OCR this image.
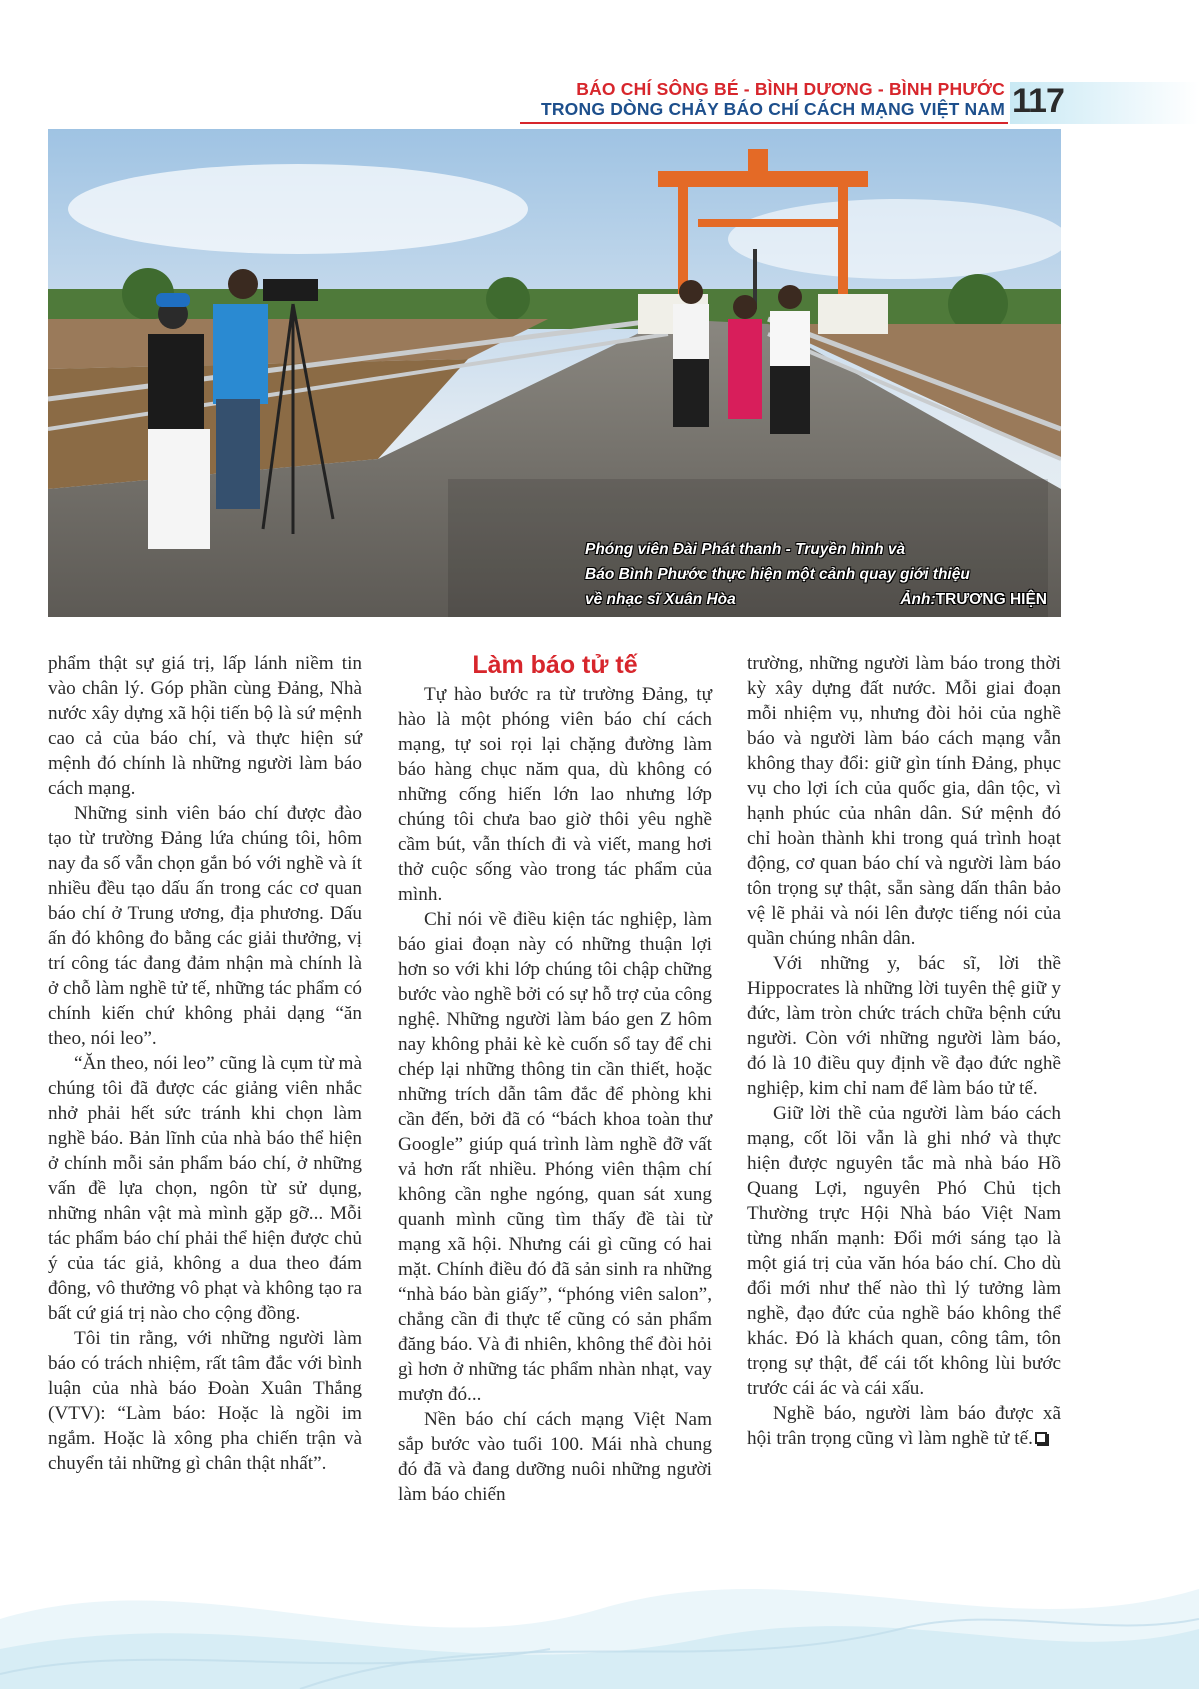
BÁO CHÍ SÔNG BÉ - BÌNH DƯƠNG - BÌNH PHƯỚC
TRONG DÒNG CHẢY BÁO CHÍ CÁCH MẠNG VIỆT NAM 117
Phóng viên Đài Phát thanh - Truyền hình và
Báo Bình Phước thực hiện một cảnh quay giới thiệu
về nhạc sĩ Xuân Hòa	Ảnh:TRƯƠNG HIỆN

phẩm thật sự giá trị, lấp lánh niềm tin vào chân lý. Góp phần cùng Đảng, Nhà nước xây dựng xã hội tiến bộ là sứ mệnh cao cả của báo chí, và thực hiện sứ mệnh đó chính là những người làm báo cách mạng.

Những sinh viên báo chí được đào tạo từ trường Đảng lứa chúng tôi, hôm nay đa số vẫn chọn gắn bó với nghề và ít nhiều đều tạo dấu ấn trong các cơ quan báo chí ở Trung ương, địa phương. Dấu ấn đó không đo bằng các giải thưởng, vị trí công tác đang đảm nhận mà chính là ở chỗ làm nghề tử tế, những tác phẩm có chính kiến chứ không phải dạng “ăn theo, nói leo”.

“Ăn theo, nói leo” cũng là cụm từ mà chúng tôi đã được các giảng viên nhắc nhở phải hết sức tránh khi chọn làm nghề báo. Bản lĩnh của nhà báo thể hiện ở chính mỗi sản phẩm báo chí, ở những vấn đề lựa chọn, ngôn từ sử dụng, những nhân vật mà mình gặp gỡ... Mỗi tác phẩm báo chí phải thể hiện được chủ ý của tác giả, không a dua theo đám đông, vô thưởng vô phạt và không tạo ra bất cứ giá trị nào cho cộng đồng.

Tôi tin rằng, với những người làm báo có trách nhiệm, rất tâm đắc với bình luận của nhà báo Đoàn Xuân Thắng (VTV): “Làm báo: Hoặc là ngồi im ngắm. Hoặc là xông pha chiến trận và chuyển tải những gì chân thật nhất”.

Làm báo tử tế

Tự hào bước ra từ trường Đảng, tự hào là một phóng viên báo chí cách mạng, tự soi rọi lại chặng đường làm báo hàng chục năm qua, dù không có những cống hiến lớn lao nhưng lớp chúng tôi chưa bao giờ thôi yêu nghề cầm bút, vẫn thích đi và viết, mang hơi thở cuộc sống vào trong tác phẩm của mình.

Chỉ nói về điều kiện tác nghiệp, làm báo giai đoạn này có những thuận lợi hơn so với khi lớp chúng tôi chập chững bước vào nghề bởi có sự hỗ trợ của công nghệ. Những người làm báo gen Z hôm nay không phải kè kè cuốn sổ tay để chi chép lại những thông tin cần thiết, hoặc những trích dẫn tâm đắc để phòng khi cần đến, bởi đã có “bách khoa toàn thư Google” giúp quá trình làm nghề đỡ vất vả hơn rất nhiều. Phóng viên thậm chí không cần nghe ngóng, quan sát xung quanh mình cũng tìm thấy đề tài từ mạng xã hội. Nhưng cái gì cũng có hai mặt. Chính điều đó đã sản sinh ra những “nhà báo bàn giấy”, “phóng viên salon”, chẳng cần đi thực tế cũng có sản phẩm đăng báo. Và đi nhiên, không thể đòi hỏi gì hơn ở những tác phẩm nhàn nhạt, vay mượn đó...

Nền báo chí cách mạng Việt Nam sắp bước vào tuổi 100. Mái nhà chung đó đã và đang dưỡng nuôi những người làm báo chiến

trường, những người làm báo trong thời kỳ xây dựng đất nước. Mỗi giai đoạn mỗi nhiệm vụ, nhưng đòi hỏi của nghề báo và người làm báo cách mạng vẫn không thay đổi: giữ gìn tính Đảng, phục vụ cho lợi ích của quốc gia, dân tộc, vì hạnh phúc của nhân dân. Sứ mệnh đó chỉ hoàn thành khi trong quá trình hoạt động, cơ quan báo chí và người làm báo tôn trọng sự thật, sẵn sàng dấn thân bảo vệ lẽ phải và nói lên được tiếng nói của quần chúng nhân dân.

Với những y, bác sĩ, lời thề Hippocrates là những lời tuyên thệ giữ y đức, làm tròn chức trách chữa bệnh cứu người. Còn với những người làm báo, đó là 10 điều quy định về đạo đức nghề nghiệp, kim chỉ nam để làm báo tử tế.

Giữ lời thề của người làm báo cách mạng, cốt lõi vẫn là ghi nhớ và thực hiện được nguyên tắc mà nhà báo Hồ Quang Lợi, nguyên Phó Chủ tịch Thường trực Hội Nhà báo Việt Nam từng nhấn mạnh: Đổi mới sáng tạo là một giá trị của văn hóa báo chí. Cho dù đổi mới như thế nào thì lý tưởng làm nghề, đạo đức của nghề báo không thể khác. Đó là khách quan, công tâm, tôn trọng sự thật, để cái tốt không lùi bước trước cái ác và cái xấu.

Nghề báo, người làm báo được xã hội trân trọng cũng vì làm nghề tử tế.
